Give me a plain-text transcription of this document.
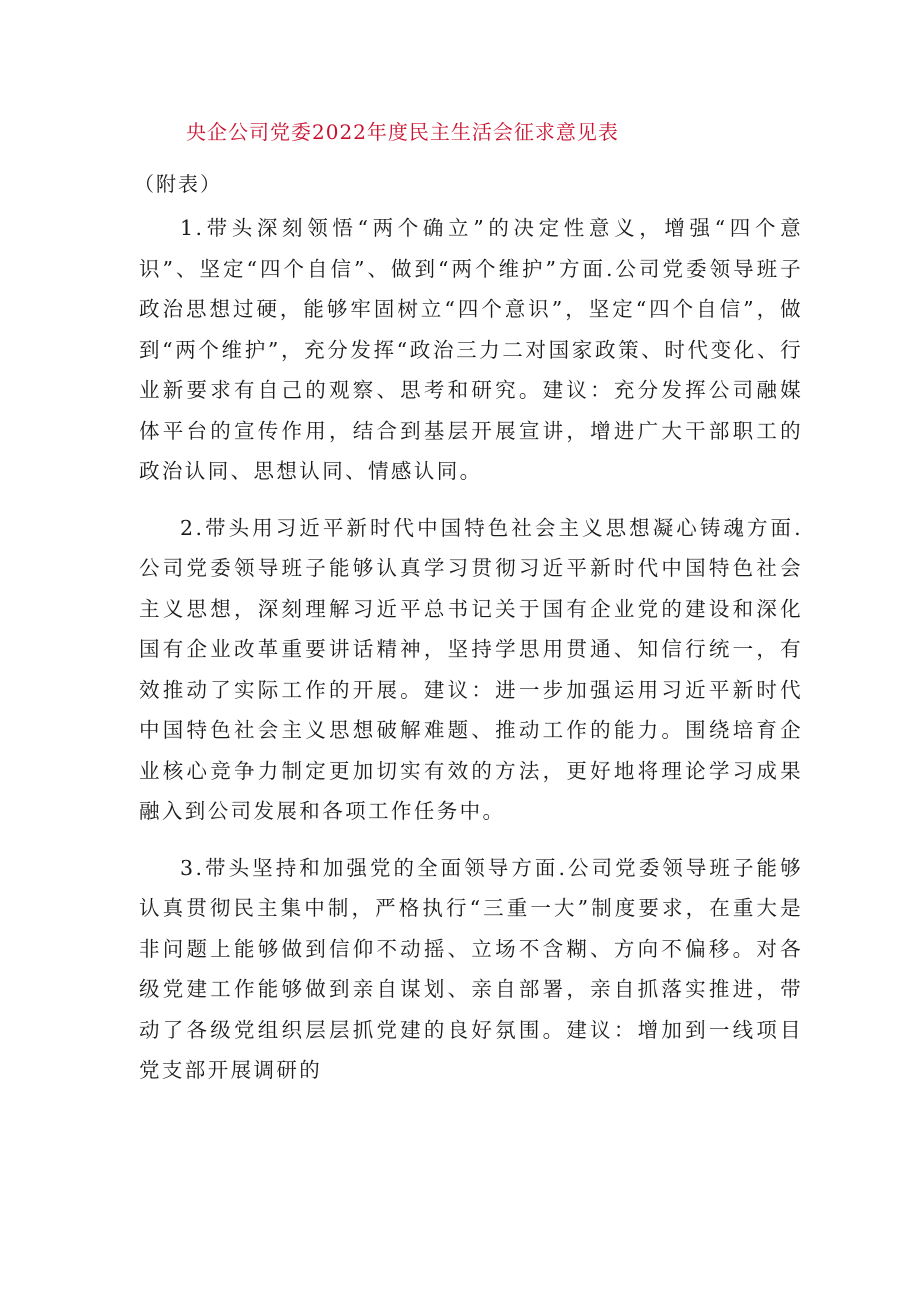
央企公司党委2022年度民主生活会征求意见表
（附表）

1.带头深刻领悟“两个确立”的决定性意义，增强“四个意识”、坚定“四个自信”、做到“两个维护”方面.公司党委领导班子政治思想过硬，能够牢固树立“四个意识”，坚定“四个自信”，做到“两个维护”，充分发挥“政治三力二对国家政策、时代变化、行业新要求有自己的观察、思考和研究。建议：充分发挥公司融媒体平台的宣传作用，结合到基层开展宣讲，增进广大干部职工的政治认同、思想认同、情感认同。

2.带头用习近平新时代中国特色社会主义思想凝心铸魂方面.公司党委领导班子能够认真学习贯彻习近平新时代中国特色社会主义思想，深刻理解习近平总书记关于国有企业党的建设和深化国有企业改革重要讲话精神，坚持学思用贯通、知信行统一，有效推动了实际工作的开展。建议：进一步加强运用习近平新时代中国特色社会主义思想破解难题、推动工作的能力。围绕培育企业核心竞争力制定更加切实有效的方法，更好地将理论学习成果融入到公司发展和各项工作任务中。

3.带头坚持和加强党的全面领导方面.公司党委领导班子能够认真贯彻民主集中制，严格执行“三重一大”制度要求，在重大是非问题上能够做到信仰不动摇、立场不含糊、方向不偏移。对各级党建工作能够做到亲自谋划、亲自部署，亲自抓落实推进，带动了各级党组织层层抓党建的良好氛围。建议：增加到一线项目党支部开展调研的
